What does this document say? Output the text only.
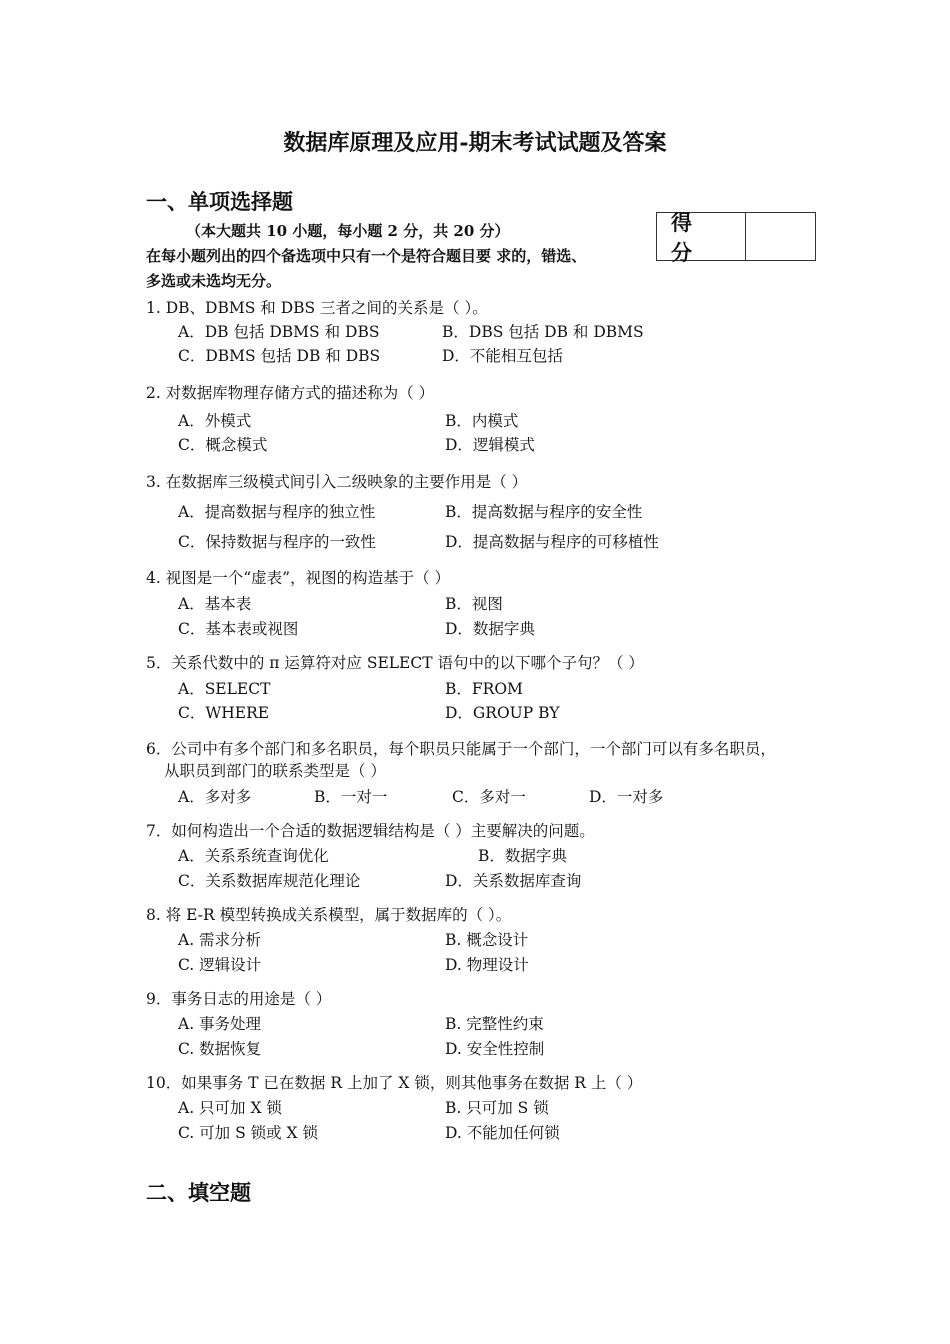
数据库原理及应用-期末考试试题及答案
一、单项选择题
（本大题共 10 小题，每小题 2 分，共 20 分）
在每小题列出的四个备选项中只有一个是符合题目要 求的，错选、
多选或未选均无分。
得 分
1. DB、DBMS 和 DBS 三者之间的关系是（ ）。
A．DB 包括 DBMS 和 DBS	B．DBS 包括 DB 和 DBMS
C．DBMS 包括 DB 和 DBS	D．不能相互包括
2. 对数据库物理存储方式的描述称为（ ）
A．外模式	B．内模式
C．概念模式	D．逻辑模式
3. 在数据库三级模式间引入二级映象的主要作用是（ ）
A．提高数据与程序的独立性	B．提高数据与程序的安全性
C．保持数据与程序的一致性	D．提高数据与程序的可移植性
4. 视图是一个“虚表”，视图的构造基于（ ）
A．基本表	B．视图
C．基本表或视图	D．数据字典
5．关系代数中的 π 运算符对应 SELECT 语句中的以下哪个子句？（ ）
A．SELECT	B．FROM
C．WHERE	D．GROUP BY
6．公司中有多个部门和多名职员，每个职员只能属于一个部门，一个部门可以有多名职员，
从职员到部门的联系类型是（ ）
A．多对多	B．一对一	C．多对一	D．一对多
7．如何构造出一个合适的数据逻辑结构是（ ）主要解决的问题。
A．关系系统查询优化	B．数据字典
C．关系数据库规范化理论	D．关系数据库查询
8. 将 E-R 模型转换成关系模型，属于数据库的（ ）。
A. 需求分析	B. 概念设计
C. 逻辑设计	D. 物理设计
9．事务日志的用途是（ ）
A. 事务处理	B. 完整性约束
C. 数据恢复	D. 安全性控制
10．如果事务 T 已在数据 R 上加了 X 锁，则其他事务在数据 R 上（ ）
A. 只可加 X 锁	B. 只可加 S 锁
C. 可加 S 锁或 X 锁	D. 不能加任何锁
二、填空题
